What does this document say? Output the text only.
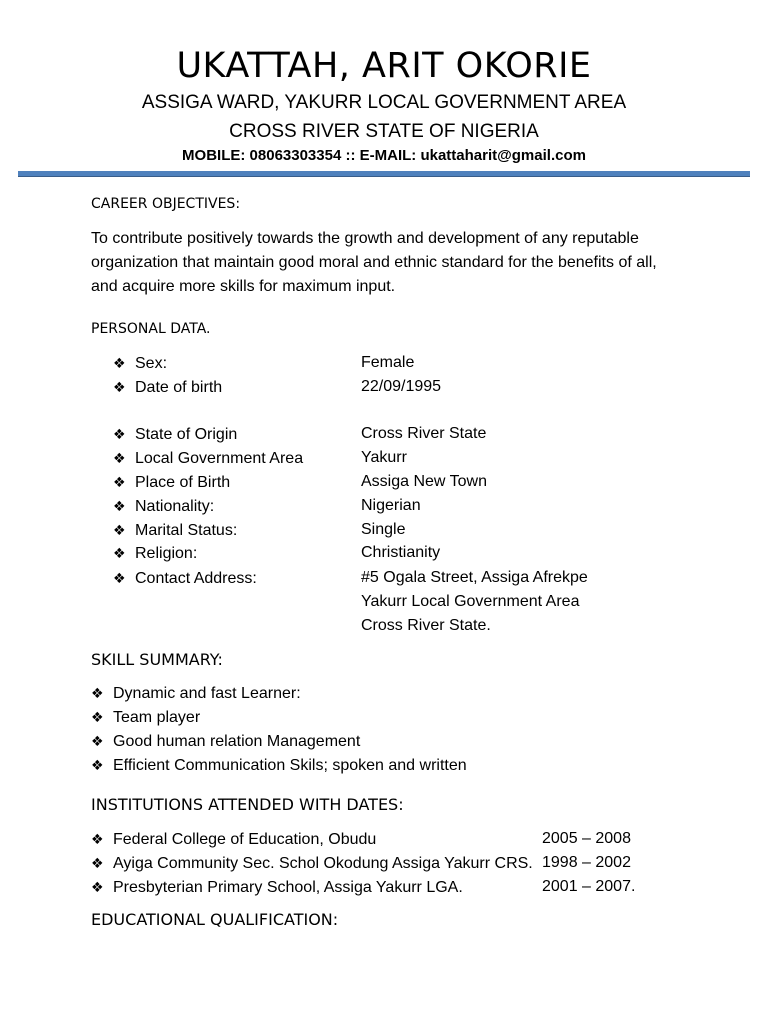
UKATTAH, ARIT OKORIE
ASSIGA WARD, YAKURR LOCAL GOVERNMENT AREA
CROSS RIVER STATE OF NIGERIA
MOBILE: 08063303354 :: E-MAIL: ukattaharit@gmail.com
CAREER OBJECTIVES:
To contribute positively towards the growth and development of any reputable
organization that maintain good moral and ethnic standard for the benefits of all,
and acquire more skills for maximum input.
PERSONAL DATA.
❖ Sex:	Female
❖ Date of birth	22/09/1995
❖ State of Origin	Cross River State
❖ Local Government Area	Yakurr
❖ Place of Birth	Assiga New Town
❖ Nationality:	Nigerian
❖ Marital Status:	Single
❖ Religion:	Christianity
❖ Contact Address:	#5 Ogala Street, Assiga Afrekpe
Yakurr Local Government Area
Cross River State.
SKILL SUMMARY:
❖ Dynamic and fast Learner:
❖ Team player
❖ Good human relation Management
❖ Efficient Communication Skils; spoken and written
INSTITUTIONS ATTENDED WITH DATES:
❖ Federal College of Education, Obudu	2005 – 2008
❖ Ayiga Community Sec. Schol Okodung Assiga Yakurr CRS. 1998 – 2002
❖ Presbyterian Primary School, Assiga Yakurr LGA.	2001 – 2007.
EDUCATIONAL QUALIFICATION:
